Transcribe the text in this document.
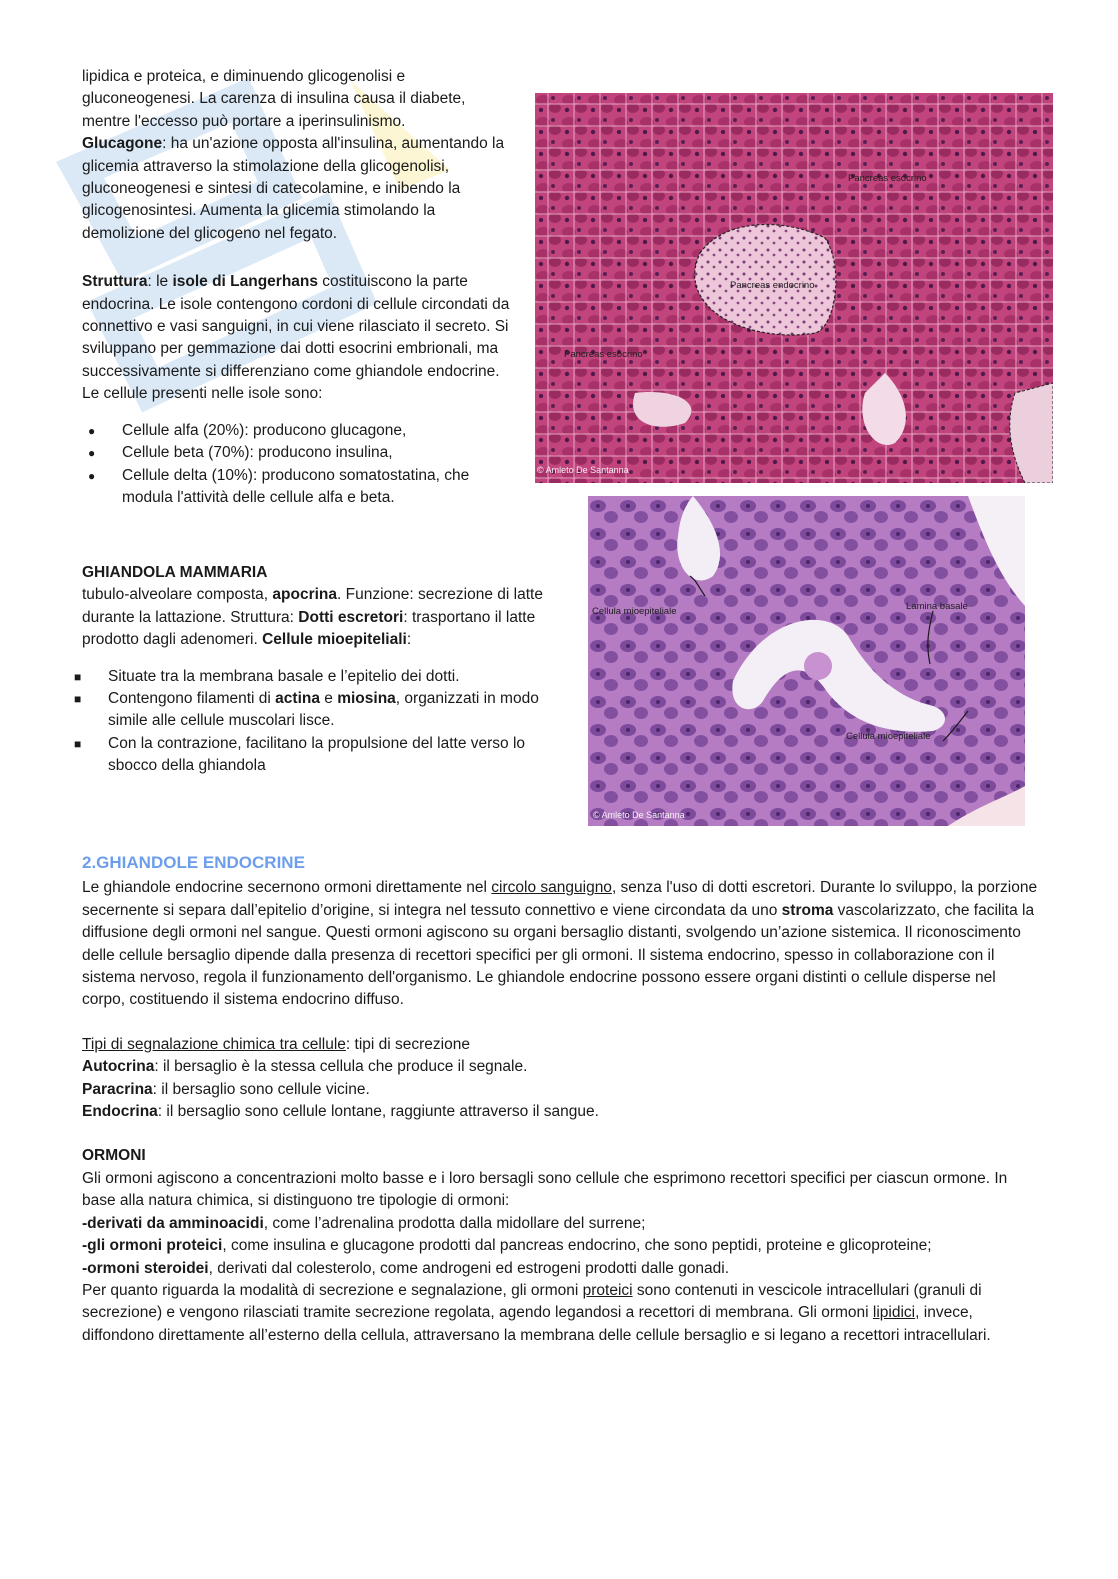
lipidica e proteica, e diminuendo glicogenolisi e gluconeogenesi. La carenza di insulina causa il diabete, mentre l'eccesso può portare a iperinsulinismo.
Glucagone: ha un'azione opposta all'insulina, aumentando la glicemia attraverso la stimolazione della glicogenolisi, gluconeogenesi e sintesi di catecolamine, e inibendo la glicogenosintesi. Aumenta la glicemia stimolando la demolizione del glicogeno nel fegato.

Struttura: le isole di Langerhans costituiscono la parte endocrina. Le isole contengono cordoni di cellule circondati da connettivo e vasi sanguigni, in cui viene rilasciato il secreto. Si sviluppano per gemmazione dai dotti esocrini embrionali, ma successivamente si differenziano come ghiandole endocrine. Le cellule presenti nelle isole sono:

● Cellule alfa (20%): producono glucagone,
● Cellule beta (70%): producono insulina,
● Cellule delta (10%): producono somatostatina, che modula l'attività delle cellule alfa e beta.

GHIANDOLA MAMMARIA

tubulo-alveolare composta, apocrina. Funzione: secrezione di latte durante la lattazione. Struttura: Dotti escretori: trasportano il latte prodotto dagli adenomeri. Cellule mioepiteliali:

■ Situate tra la membrana basale e l’epitelio dei dotti.
■ Contengono filamenti di actina e miosina, organizzati in modo simile alle cellule muscolari lisce.
■ Con la contrazione, facilitano la propulsione del latte verso lo sbocco della ghiandola
Pancreas esocrino
Pancreas endocrino
Pancreas esocrino
© Amleto De Santanna
Cellula mioepiteliale	Lamina basale
Cellula mioepiteliale
© Amleto De Santanna

2.GHIANDOLE ENDOCRINE

Le ghiandole endocrine secernono ormoni direttamente nel circolo sanguigno, senza l'uso di dotti escretori. Durante lo sviluppo, la porzione secernente si separa dall’epitelio d’origine, si integra nel tessuto connettivo e viene circondata da uno stroma vascolarizzato, che facilita la diffusione degli ormoni nel sangue. Questi ormoni agiscono su organi bersaglio distanti, svolgendo un’azione sistemica. Il riconoscimento delle cellule bersaglio dipende dalla presenza di recettori specifici per gli ormoni. Il sistema endocrino, spesso in collaborazione con il sistema nervoso, regola il funzionamento dell'organismo. Le ghiandole endocrine possono essere organi distinti o cellule disperse nel corpo, costituendo il sistema endocrino diffuso.

Tipi di segnalazione chimica tra cellule: tipi di secrezione

Autocrina: il bersaglio è la stessa cellula che produce il segnale.

Paracrina: il bersaglio sono cellule vicine.

Endocrina: il bersaglio sono cellule lontane, raggiunte attraverso il sangue.

ORMONI

Gli ormoni agiscono a concentrazioni molto basse e i loro bersagli sono cellule che esprimono recettori specifici per ciascun ormone. In base alla natura chimica, si distinguono tre tipologie di ormoni:

-derivati da amminoacidi, come l’adrenalina prodotta dalla midollare del surrene;

-gli ormoni proteici, come insulina e glucagone prodotti dal pancreas endocrino, che sono peptidi, proteine e glicoproteine;

-ormoni steroidei, derivati dal colesterolo, come androgeni ed estrogeni prodotti dalle gonadi.

Per quanto riguarda la modalità di secrezione e segnalazione, gli ormoni proteici sono contenuti in vescicole intracellulari (granuli di secrezione) e vengono rilasciati tramite secrezione regolata, agendo legandosi a recettori di membrana. Gli ormoni lipidici, invece, diffondono direttamente all’esterno della cellula, attraversano la membrana delle cellule bersaglio e si legano a recettori intracellulari.
